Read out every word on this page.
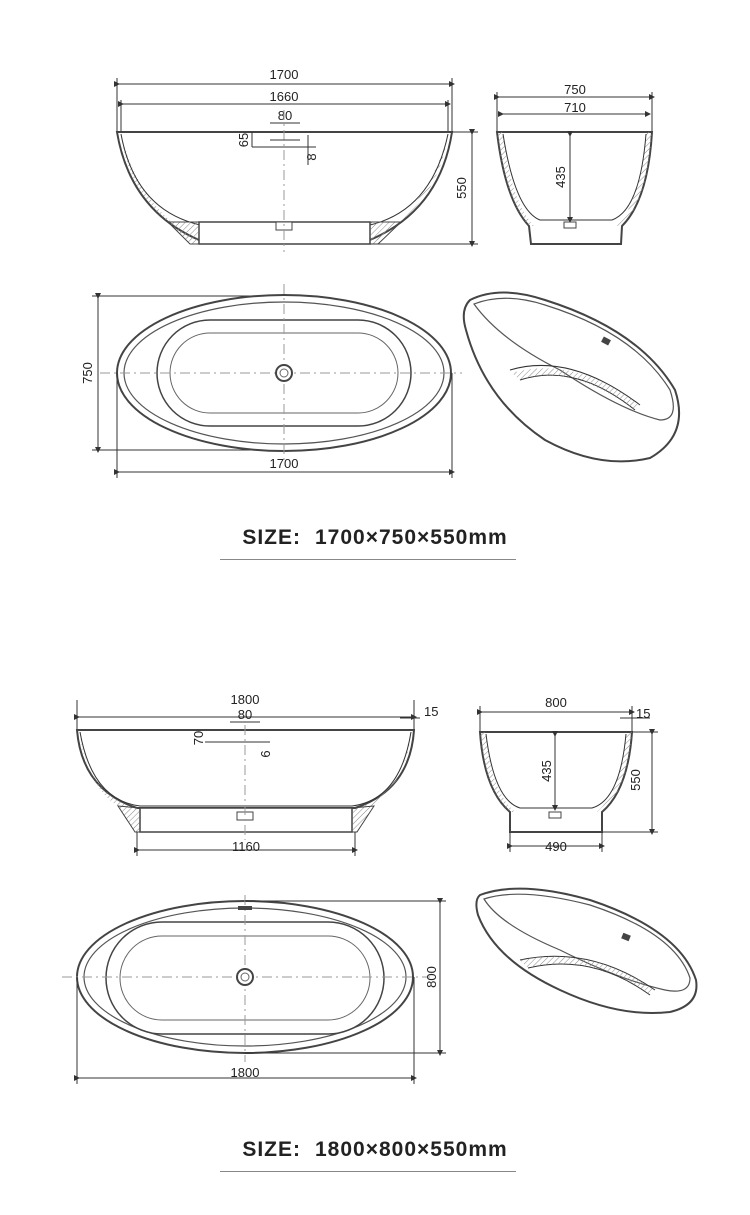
1700
1660
80
65
8
550
750
710
435
750
1700
1800
80	15
70
6
1160
800
15
435	550
490
800
1800
SIZE: 1700×750×550mm
SIZE: 1800×800×550mm
